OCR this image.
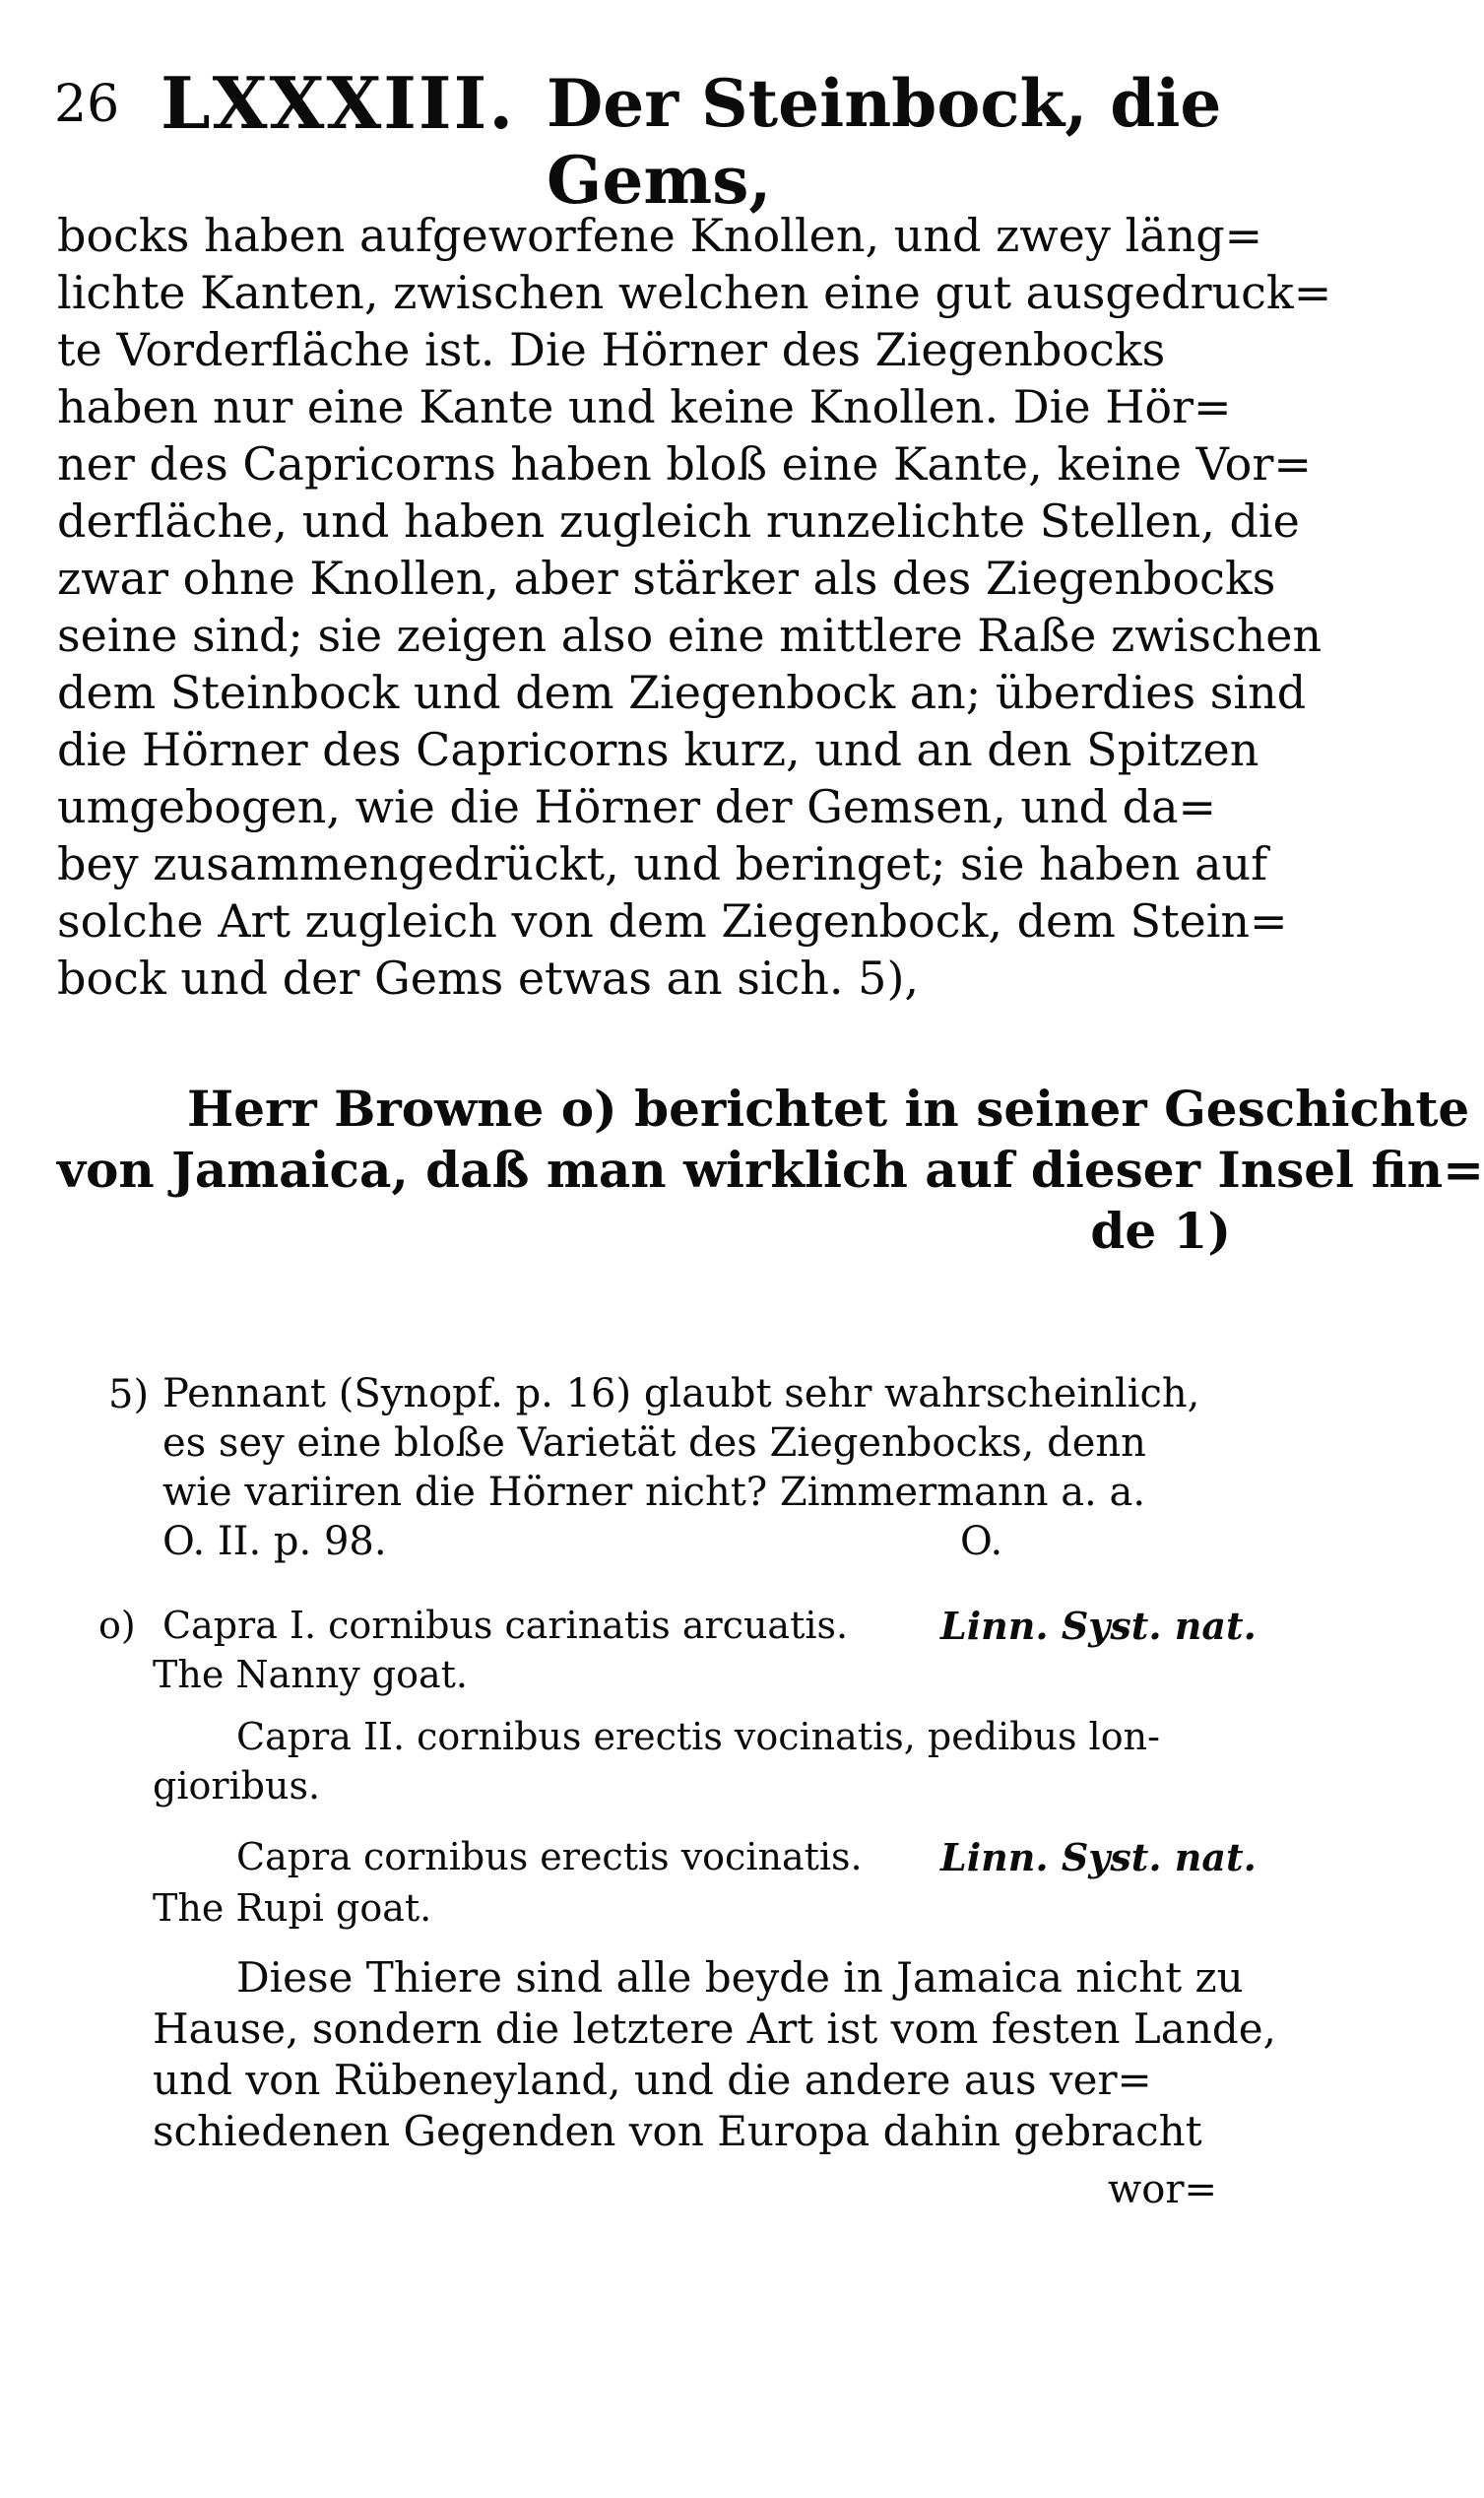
26 LXXXIII. Der Steinbock, die Gems,
bocks haben aufgeworfene Knollen, und zwey läng=
lichte Kanten, zwischen welchen eine gut ausgedruck=
te Vorderfläche ist. Die Hörner des Ziegenbocks
haben nur eine Kante und keine Knollen. Die Hör=
ner des Capricorns haben bloß eine Kante, keine Vor=
derfläche, und haben zugleich runzelichte Stellen, die
zwar ohne Knollen, aber stärker als des Ziegenbocks
seine sind; sie zeigen also eine mittlere Raße zwischen
dem Steinbock und dem Ziegenbock an; überdies sind
die Hörner des Capricorns kurz, und an den Spitzen
umgebogen, wie die Hörner der Gemsen, und da=
bey zusammengedrückt, und beringet; sie haben auf
solche Art zugleich von dem Ziegenbock, dem Stein=
bock und der Gems etwas an sich. 5),
Herr Browne o) berichtet in seiner Geschichte
von Jamaica, daß man wirklich auf dieser Insel fin=
de 1)
5) Pennant (Synopf. p. 16) glaubt sehr wahrscheinlich,
es sey eine bloße Varietät des Ziegenbocks, denn
wie variiren die Hörner nicht? Zimmermann a. a.
O. II. p. 98.	O.
o) Capra I. cornibus carinatis arcuatis.	Linn. Syst. nat.
The Nanny goat.
Capra II. cornibus erectis vocinatis, pedibus lon-
gioribus.
Capra cornibus erectis vocinatis.	Linn. Syst. nat.
The Rupi goat.
Diese Thiere sind alle beyde in Jamaica nicht zu
Hause, sondern die letztere Art ist vom festen Lande,
und von Rübeneyland, und die andere aus ver=
schiedenen Gegenden von Europa dahin gebracht
wor=
